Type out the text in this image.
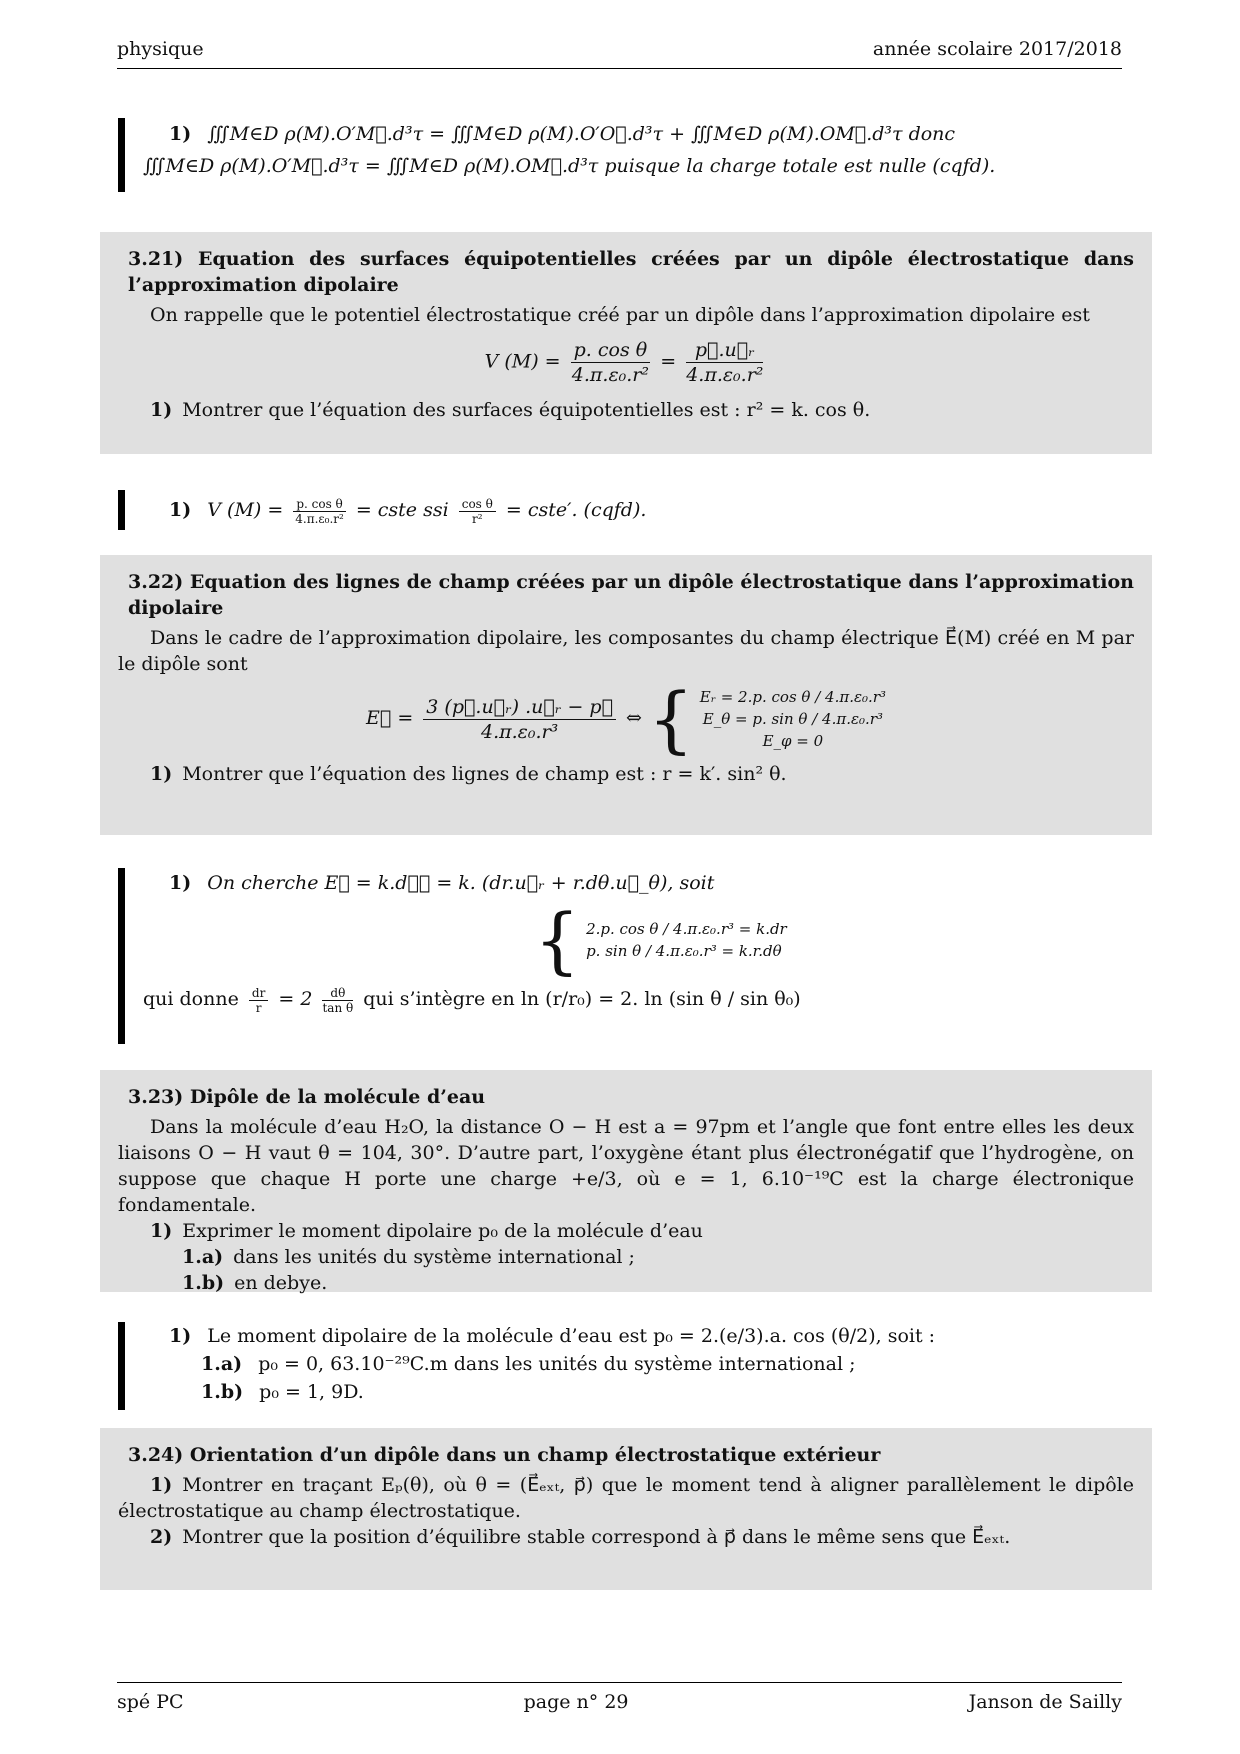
physique	année scolaire 2017/2018
1) ∭M∈D ρ(M).O′M⃗.d³τ = ∭M∈D ρ(M).O′O⃗.d³τ + ∭M∈D ρ(M).OM⃗.d³τ donc
∭M∈D ρ(M).O′M⃗.d³τ = ∭M∈D ρ(M).OM⃗.d³τ puisque la charge totale est nulle (cqfd).
3.21) Equation des surfaces équipotentielles créées par un dipôle électrostatique dans l’approximation dipolaire

On rappelle que le potentiel électrostatique créé par un dipôle dans l’approximation dipolaire est

V $(M) = \frac{\text{p. cos θ}}{\text{4.π.ε₀.r²}} = \frac{\text{p⃗.u⃗ᵣ}}{\text{4.π.ε₀.r²}}$

1) Montrer que l’équation des surfaces équipotentielles est : r² = k. cos θ.

1) V $(M) = \frac{\text{p. cos θ}}{\text{4.π.ε₀.r²}}$ = cste ssi $\frac{\text{cos θ}}{\text{r²}}$ = cste′. (cqfd).
3.22) Equation des lignes de champ créées par un dipôle électrostatique dans l’approximation dipolaire

Dans le cadre de l’approximation dipolaire, les composantes du champ électrique E⃗(M) créé en M par le dipôle sont

E⃗ = $\frac{\text{3 (p⃗.u⃗ᵣ) .u⃗ᵣ − p⃗}}{\text{4.π.ε₀.r³}}$ ⇔ { Eᵣ = 2.p. cos θ / 4.π.ε₀.r³
E_θ = p. sin θ / 4.π.ε₀.r³
E_φ = 0

1) Montrer que l’équation des lignes de champ est : r = k′. sin² θ.

1) On cherche E⃗ = k.dℓ⃗ = k. (dr.u⃗ᵣ + r.dθ.u⃗_θ), soit
{ 2.p. cos θ / 4.π.ε₀.r³ = k.dr
p. sin θ / 4.π.ε₀.r³ = k.r.dθ
qui donne $\frac{dr}{r} = 2 \frac{d\theta}{\text{tan θ}}$ qui s’intègre en ln (r/r₀) = 2. ln (sin θ / sin θ₀)
3.23) Dipôle de la molécule d’eau

Dans la molécule d’eau H₂O, la distance O − H est a = 97pm et l’angle que font entre elles les deux liaisons O − H vaut θ = 104, 30°. D’autre part, l’oxygène étant plus électronégatif que l’hydrogène, on suppose que chaque H porte une charge +e/3, où e = 1, 6.10⁻¹⁹C est la charge électronique fondamentale.

1) Exprimer le moment dipolaire p₀ de la molécule d’eau

1.a) dans les unités du système international ;

1.b) en debye.

1) Le moment dipolaire de la molécule d’eau est p₀ = 2.(e/3).a. cos (θ/2), soit :
1.a) p₀ = 0, 63.10⁻²⁹C.m dans les unités du système international ;
1.b) p₀ = 1, 9D.
3.24) Orientation d’un dipôle dans un champ électrostatique extérieur

1) Montrer en traçant Eₚ(θ), où θ = (E⃗ₑₓₜ, p⃗) que le moment tend à aligner parallèlement le dipôle électrostatique au champ électrostatique.

2) Montrer que la position d’équilibre stable correspond à p⃗ dans le même sens que E⃗ₑₓₜ.

spé PC	page n° 29	Janson de Sailly
